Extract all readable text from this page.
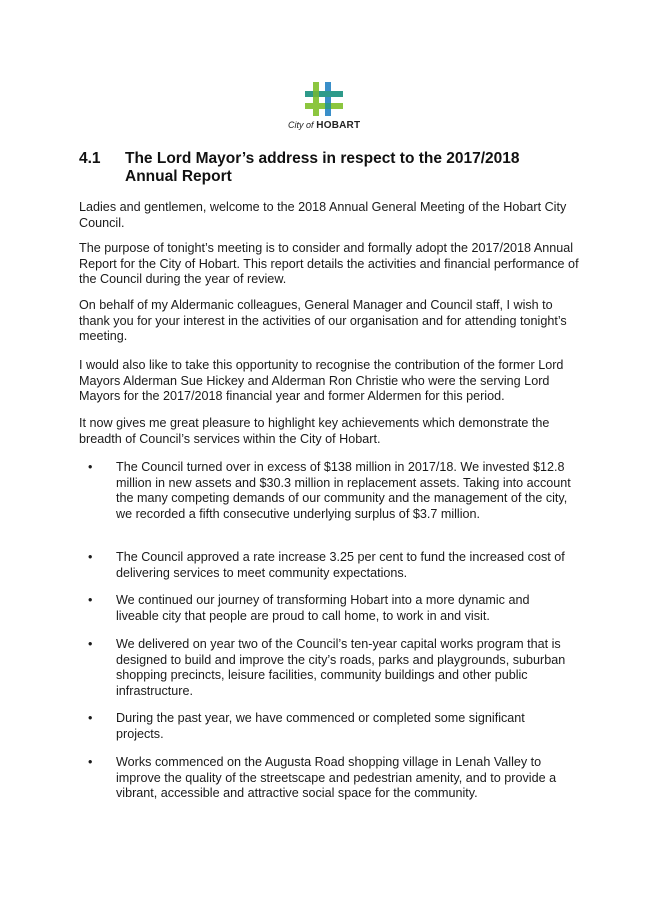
City of HOBART
4.1 The Lord Mayor’s address in respect to the 2017/2018 Annual Report

Ladies and gentlemen, welcome to the 2018 Annual General Meeting of the Hobart City Council.

The purpose of tonight’s meeting is to consider and formally adopt the 2017/2018 Annual Report for the City of Hobart. This report details the activities and financial performance of the Council during the year of review.

On behalf of my Aldermanic colleagues, General Manager and Council staff, I wish to thank you for your interest in the activities of our organisation and for attending tonight’s meeting.

I would also like to take this opportunity to recognise the contribution of the former Lord Mayors Alderman Sue Hickey and Alderman Ron Christie who were the serving Lord Mayors for the 2017/2018 financial year and former Aldermen for this period.

It now gives me great pleasure to highlight key achievements which demonstrate the breadth of Council’s services within the City of Hobart.

• The Council turned over in excess of $138 million in 2017/18. We invested $12.8 million in new assets and $30.3 million in replacement assets. Taking into account the many competing demands of our community and the management of the city, we recorded a fifth consecutive underlying surplus of $3.7 million.
• The Council approved a rate increase 3.25 per cent to fund the increased cost of delivering services to meet community expectations.
• We continued our journey of transforming Hobart into a more dynamic and liveable city that people are proud to call home, to work in and visit.
• We delivered on year two of the Council’s ten-year capital works program that is designed to build and improve the city’s roads, parks and playgrounds, suburban shopping precincts, leisure facilities, community buildings and other public infrastructure.
• During the past year, we have commenced or completed some significant projects.
• Works commenced on the Augusta Road shopping village in Lenah Valley to improve the quality of the streetscape and pedestrian amenity, and to provide a vibrant, accessible and attractive social space for the community.
